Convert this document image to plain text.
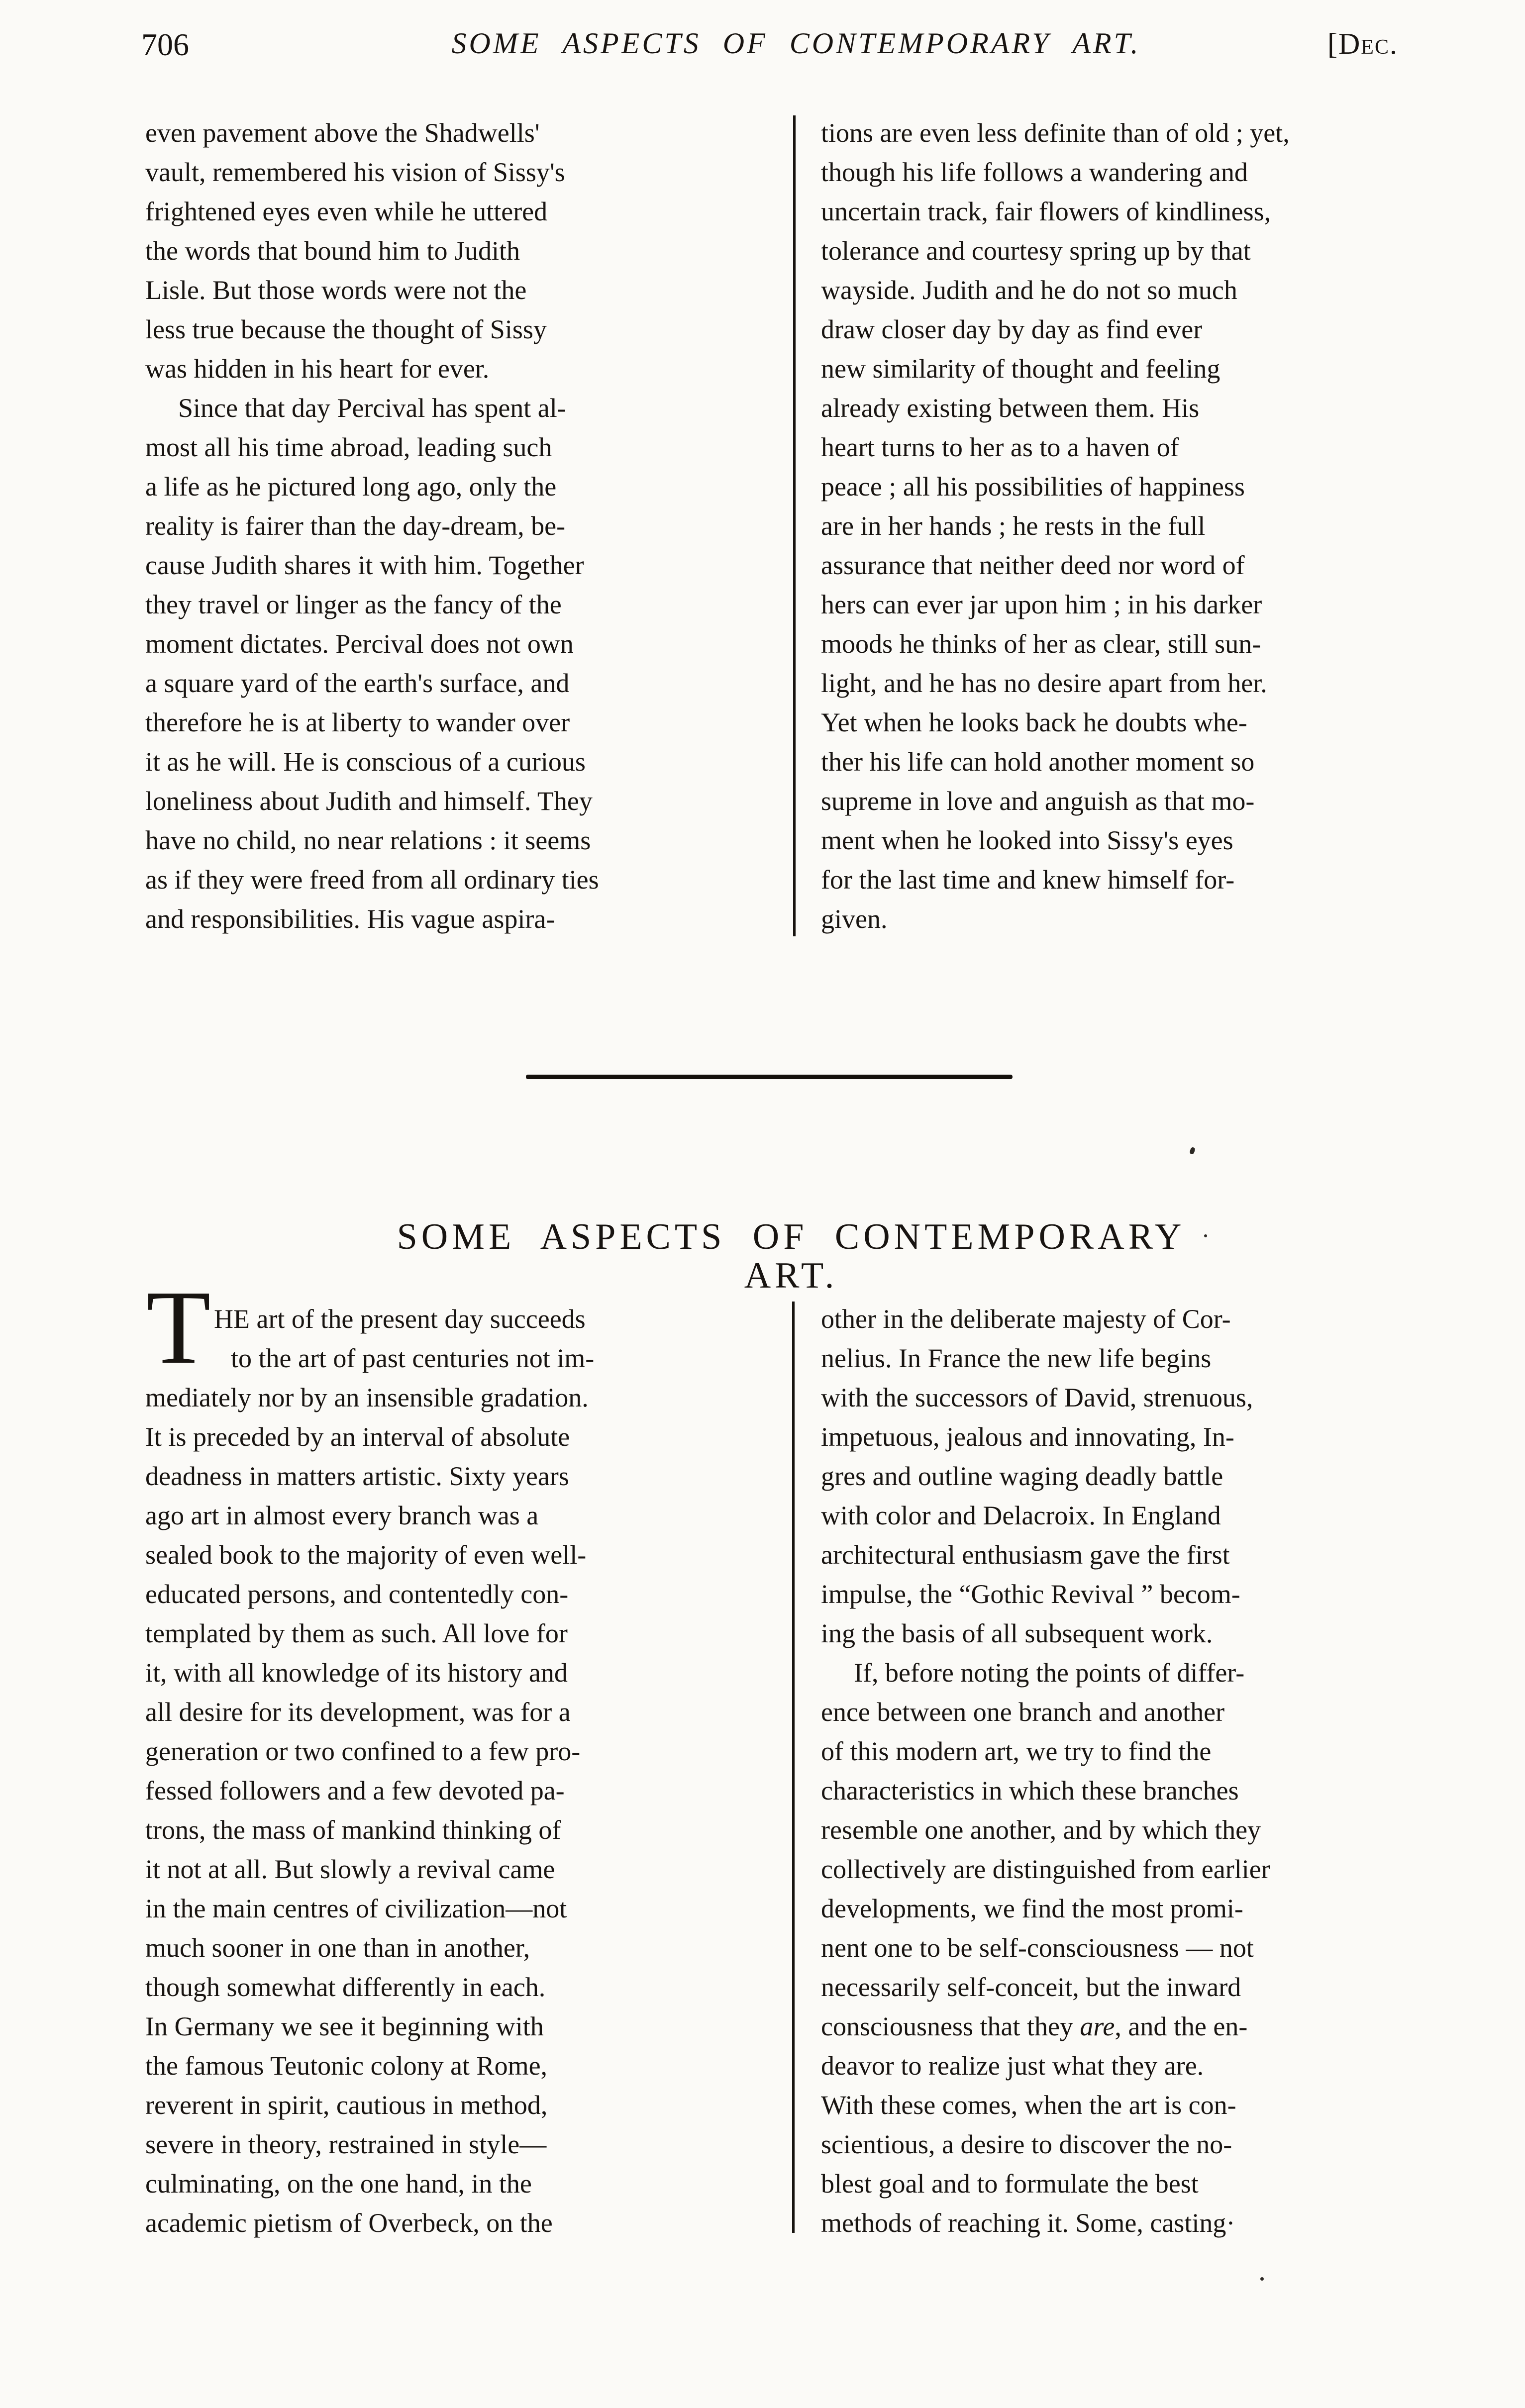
706	SOME ASPECTS OF CONTEMPORARY ART.	[Dec.
even pavement above the Shadwells'
vault, remembered his vision of Sissy's
frightened eyes even while he uttered
the words that bound him to Judith
Lisle. But those words were not the
less true because the thought of Sissy
was hidden in his heart for ever.
Since that day Percival has spent al-
most all his time abroad, leading such
a life as he pictured long ago, only the
reality is fairer than the day-dream, be-
cause Judith shares it with him. Together
they travel or linger as the fancy of the
moment dictates. Percival does not own
a square yard of the earth's surface, and
therefore he is at liberty to wander over
it as he will. He is conscious of a curious
loneliness about Judith and himself. They
have no child, no near relations : it seems
as if they were freed from all ordinary ties
and responsibilities. His vague aspira-
tions are even less definite than of old ; yet,
though his life follows a wandering and
uncertain track, fair flowers of kindliness,
tolerance and courtesy spring up by that
wayside. Judith and he do not so much
draw closer day by day as find ever
new similarity of thought and feeling
already existing between them. His
heart turns to her as to a haven of
peace ; all his possibilities of happiness
are in her hands ; he rests in the full
assurance that neither deed nor word of
hers can ever jar upon him ; in his darker
moods he thinks of her as clear, still sun-
light, and he has no desire apart from her.
Yet when he looks back he doubts whe-
ther his life can hold another moment so
supreme in love and anguish as that mo-
ment when he looked into Sissy's eyes
for the last time and knew himself for-
given.
SOME ASPECTS OF CONTEMPORARY ART.
T HE art of the present day succeeds
to the art of past centuries not im-
mediately nor by an insensible gradation.
It is preceded by an interval of absolute
deadness in matters artistic. Sixty years
ago art in almost every branch was a
sealed book to the majority of even well-
educated persons, and contentedly con-
templated by them as such. All love for
it, with all knowledge of its history and
all desire for its development, was for a
generation or two confined to a few pro-
fessed followers and a few devoted pa-
trons, the mass of mankind thinking of
it not at all. But slowly a revival came
in the main centres of civilization—not
much sooner in one than in another,
though somewhat differently in each.
In Germany we see it beginning with
the famous Teutonic colony at Rome,
reverent in spirit, cautious in method,
severe in theory, restrained in style—
culminating, on the one hand, in the
academic pietism of Overbeck, on the
other in the deliberate majesty of Cor-
nelius. In France the new life begins
with the successors of David, strenuous,
impetuous, jealous and innovating, In-
gres and outline waging deadly battle
with color and Delacroix. In England
architectural enthusiasm gave the first
impulse, the “Gothic Revival ” becom-
ing the basis of all subsequent work.
If, before noting the points of differ-
ence between one branch and another
of this modern art, we try to find the
characteristics in which these branches
resemble one another, and by which they
collectively are distinguished from earlier
developments, we find the most promi-
nent one to be self-consciousness — not
necessarily self-conceit, but the inward
consciousness that they are, and the en-
deavor to realize just what they are.
With these comes, when the art is con-
scientious, a desire to discover the no-
blest goal and to formulate the best
methods of reaching it. Some, casting·
